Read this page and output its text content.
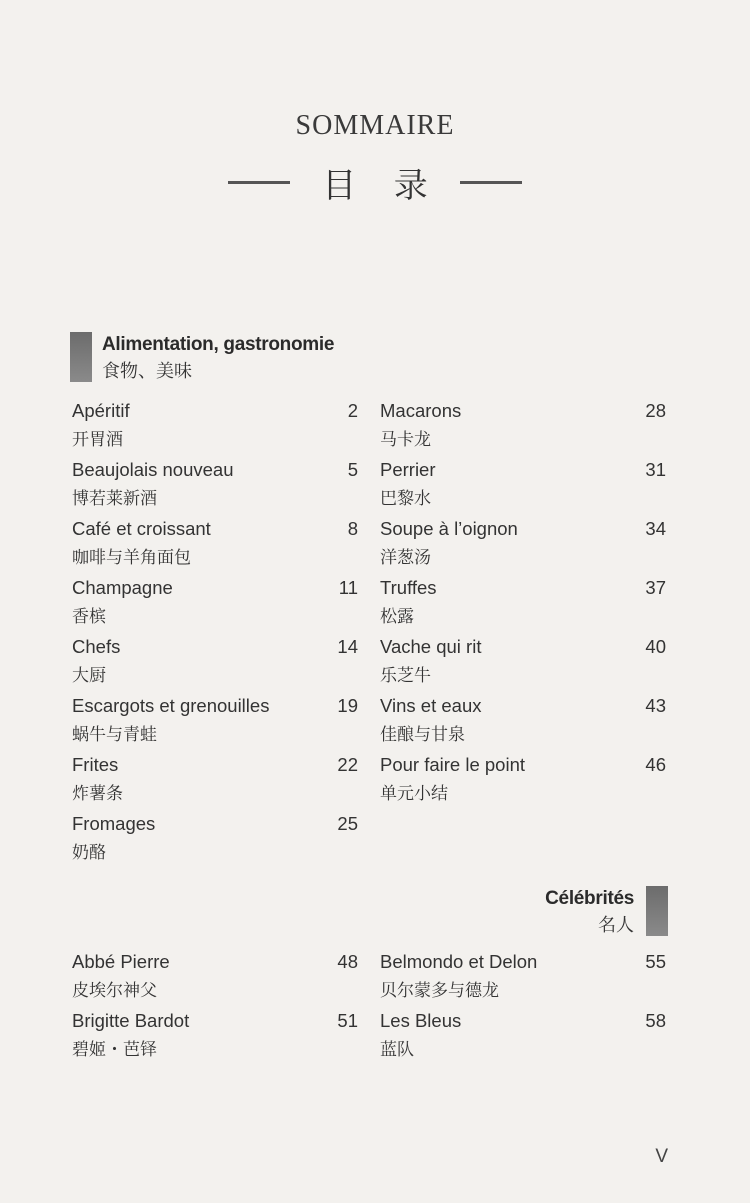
SOMMAIRE
目 录
Alimentation, gastronomie
食物、美味
Apéritif	2
开胃酒
Beaujolais nouveau	5
博若莱新酒
Café et croissant	8
咖啡与羊角面包
Champagne	11
香槟
Chefs	14
大厨
Escargots et grenouilles	19
蜗牛与青蛙
Frites	22
炸薯条
Fromages	25
奶酪
Macarons	28
马卡龙
Perrier	31
巴黎水
Soupe à l’oignon	34
洋葱汤
Truffes	37
松露
Vache qui rit	40
乐芝牛
Vins et eaux	43
佳酿与甘泉
Pour faire le point	46
单元小结
Célébrités
名人
Abbé Pierre	48
皮埃尔神父
Brigitte Bardot	51
碧姬・芭铎
Belmondo et Delon	55
贝尔蒙多与德龙
Les Bleus	58
蓝队
V
